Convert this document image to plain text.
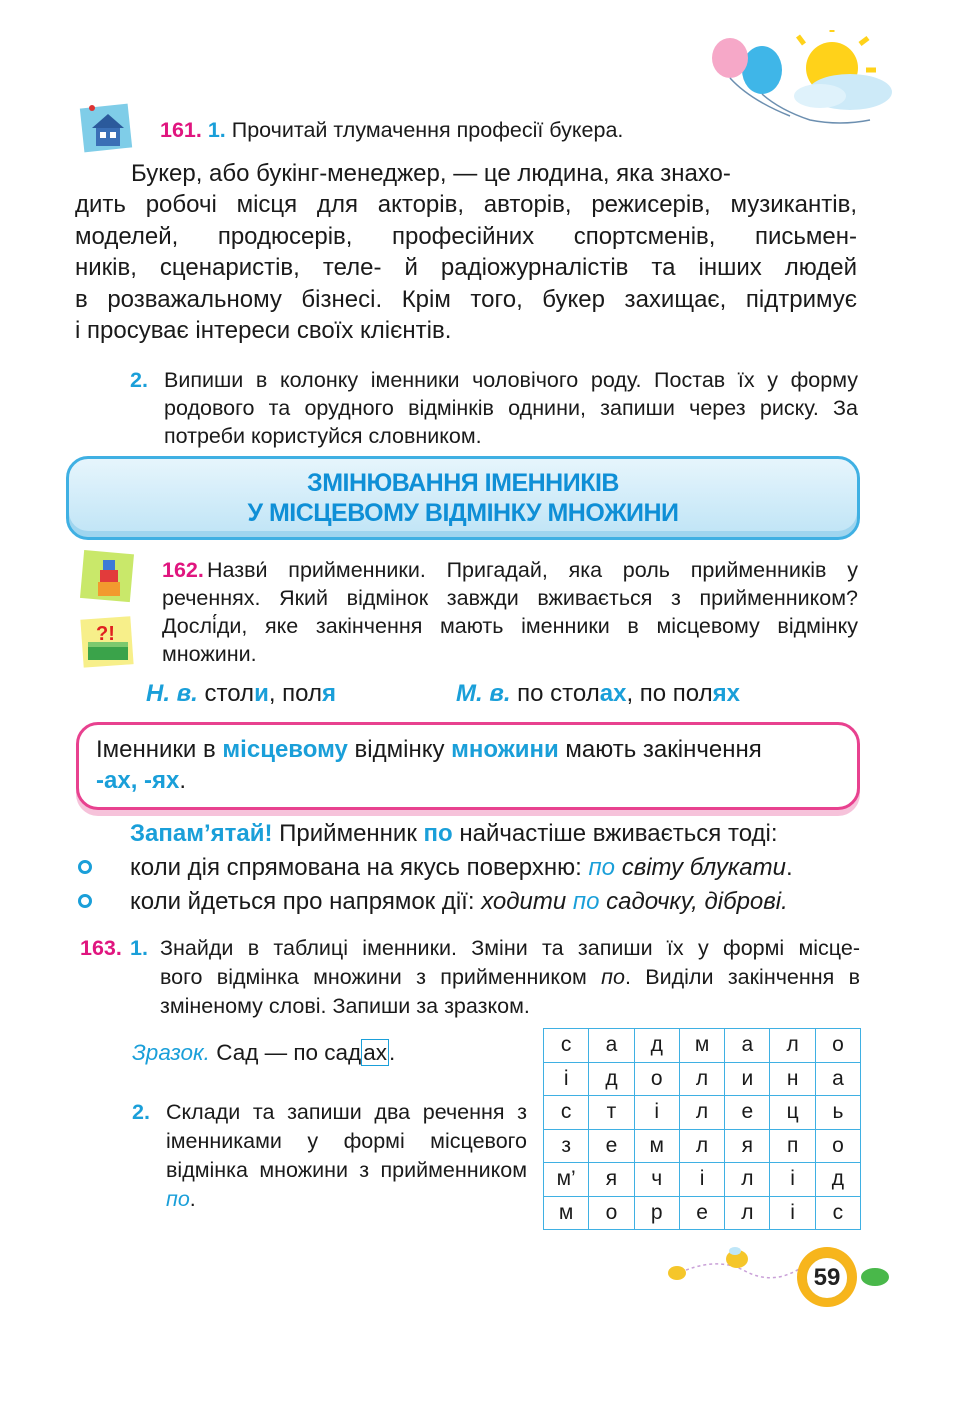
?!
161. 1. Прочитай тлумачення професії букера.
Букер, або букінг-менеджер, — це людина, яка знахо-
дить робочі місця для акторів, авторів, режисерів, музикантів,
моделей, продюсерів, професійних спортсменів, письмен-
ників, сценаристів, теле- й радіожурналістів та інших людей
в розважальному бізнесі. Крім того, букер захищає, підтримує
і просуває інтереси своїх клієнтів.
2. Випиши в колонку іменники чоловічого роду. Постав їх у форму родового та орудного відмінків однини, запиши через риску. За потреби користуйся словником.
ЗМІНЮВАННЯ ІМЕННИКІВ
У МІСЦЕВОМУ ВІДМІНКУ МНОЖИНИ
162. Назви́ прийменники. Пригадай, яка роль прийменників у реченнях. Який відмінок завжди вживається з прийменником? Дослі́ди, яке закінчення мають іменники в місцевому відмінку множини.
Н. в. столи, поля	М. в. по столах, по полях
Іменники в місцевому відмінку множини мають закінчення
-ах, -ях.
Запам’ятай! Прийменник по найчастіше вживається тоді:
коли дія спрямована на якусь поверхню: по світу блукати.
коли йдеться про напрямок дії: ходити по садочку, діброві.
163. 1. Знайди в таблиці іменники. Зміни та запиши їх у формі місце-
вого відмінка множини з прийменником по. Виділи закінчення в зміненому слові. Запиши за зразком.
Зразок. Сад — по садах.
2. Склади та запиши два речення з іменниками у формі місцевого відмінка множини з прийменником по.
с	а	д	м	а	л	о
і	д	о	л	и	н	а
с	т	і	л	е	ц	ь
з	е	м	л	я	п	о
м’	я	ч	і	л	і	д
м	о	р	е	л	і	с
59
